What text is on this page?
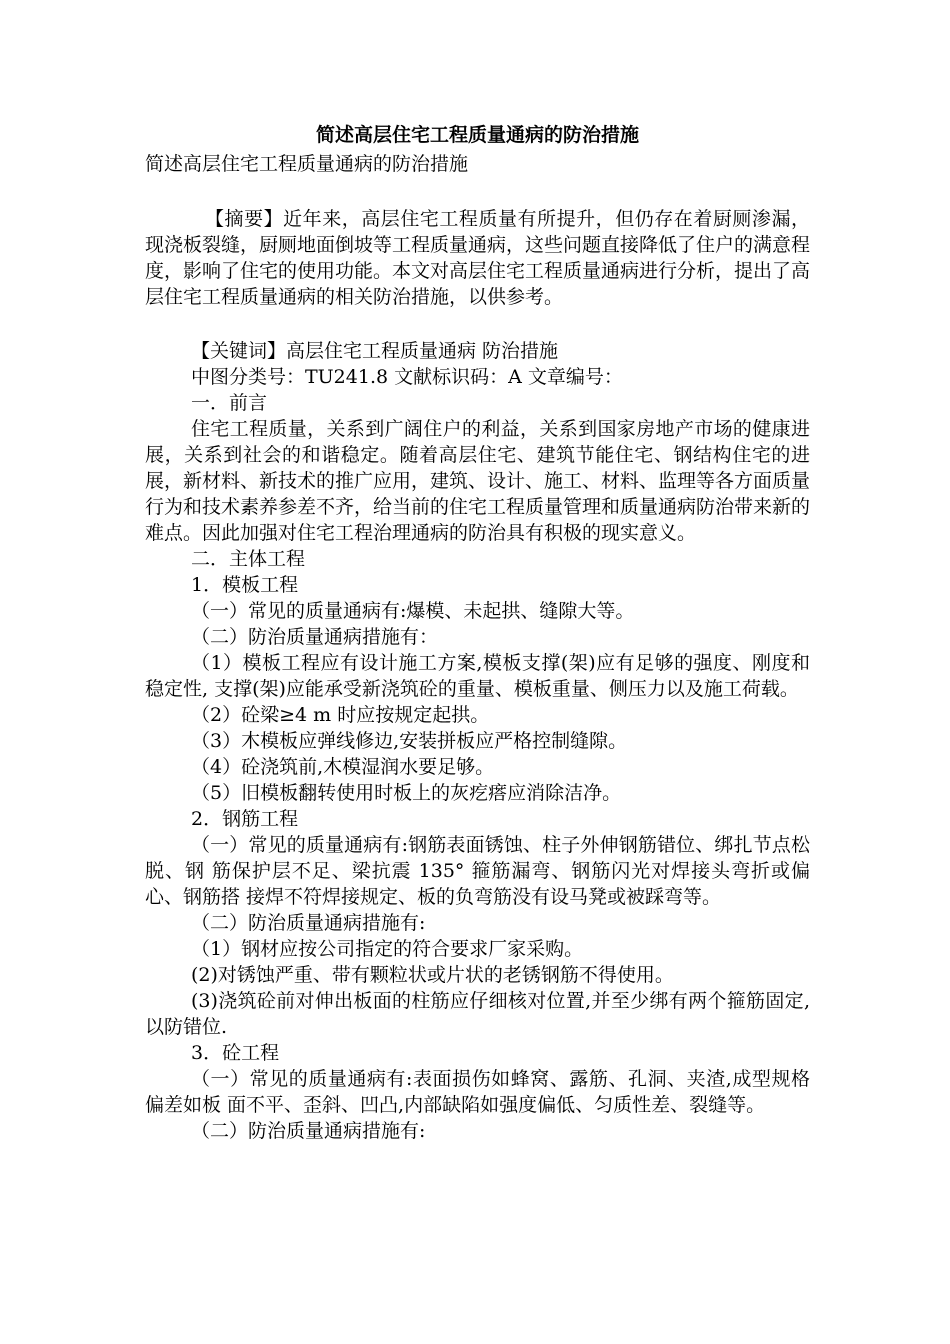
简述高层住宅工程质量通病的防治措施

简述高层住宅工程质量通病的防治措施

【摘要】近年来，高层住宅工程质量有所提升，但仍存在着厨厕渗漏，现浇板裂缝，厨厕地面倒坡等工程质量通病，这些问题直接降低了住户的满意程度，影响了住宅的使用功能。本文对高层住宅工程质量通病进行分析，提出了高层住宅工程质量通病的相关防治措施，以供参考。

【关键词】高层住宅工程质量通病 防治措施

中图分类号：TU241.8 文献标识码：A 文章编号：

一．前言

住宅工程质量，关系到广阔住户的利益，关系到国家房地产市场的健康进展，关系到社会的和谐稳定。随着高层住宅、建筑节能住宅、钢结构住宅的进展，新材料、新技术的推广应用，建筑、设计、施工、材料、监理等各方面质量行为和技术素养参差不齐，给当前的住宅工程质量管理和质量通病防治带来新的难点。因此加强对住宅工程治理通病的防治具有积极的现实意义。

二．主体工程

1．模板工程

（一）常见的质量通病有:爆模、未起拱、缝隙大等。

（二）防治质量通病措施有：

（1）模板工程应有设计施工方案,模板支撑(架)应有足够的强度、刚度和稳定性, 支撑(架)应能承受新浇筑砼的重量、模板重量、侧压力以及施工荷载。

（2）砼梁≥4 m 时应按规定起拱。

（3）木模板应弹线修边,安装拼板应严格控制缝隙。

（4）砼浇筑前,木模湿润水要足够。

（5）旧模板翻转使用时板上的灰疙瘩应消除洁净。

2．钢筋工程

（一）常见的质量通病有:钢筋表面锈蚀、柱子外伸钢筋错位、绑扎节点松脱、钢 筋保护层不足、梁抗震 135° 箍筋漏弯、钢筋闪光对焊接头弯折或偏心、钢筋搭 接焊不符焊接规定、板的负弯筋没有设马凳或被踩弯等。

（二）防治质量通病措施有:

（1）钢材应按公司指定的符合要求厂家采购。

(2)对锈蚀严重、带有颗粒状或片状的老锈钢筋不得使用。

(3)浇筑砼前对伸出板面的柱筋应仔细核对位置,并至少绑有两个箍筋固定,以防错位.

3．砼工程

（一）常见的质量通病有:表面损伤如蜂窝、露筋、孔洞、夹渣,成型规格偏差如板 面不平、歪斜、凹凸,内部缺陷如强度偏低、匀质性差、裂缝等。

（二）防治质量通病措施有:
